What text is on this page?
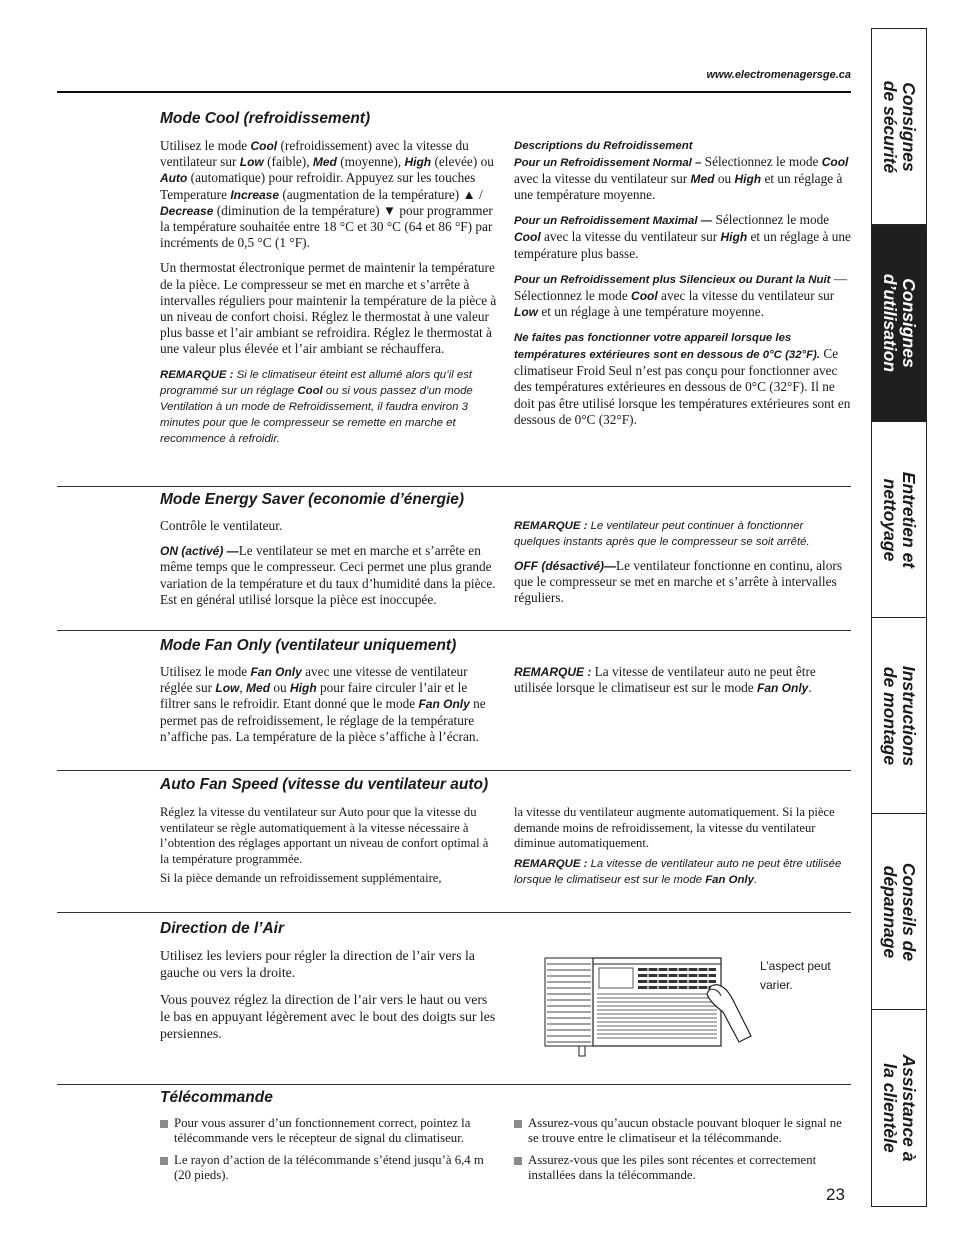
www.electromenagersge.ca
Mode Cool (refroidissement)

Utilisez le mode Cool (refroidissement) avec la vitesse du ventilateur sur Low (faible), Med (moyenne), High (elevée) ou Auto (automatique) pour refroidir. Appuyez sur les touches Temperature Increase (augmentation de la température) ▲ / Decrease (diminution de la température) ▼ pour programmer la température souhaitée entre 18 °C et 30 °C (64 et 86 °F) par incréments de 0,5 °C (1 °F).

Un thermostat électronique permet de maintenir la température de la pièce. Le compresseur se met en marche et s’arrête à intervalles réguliers pour maintenir la température de la pièce à un niveau de confort choisi. Réglez le thermostat à une valeur plus basse et l’air ambiant se refroidira. Réglez le thermostat à une valeur plus élevée et l’air ambiant se réchauffera.

REMARQUE : Si le climatiseur éteint est allumé alors qu’il est programmé sur un réglage Cool ou si vous passez d’un mode Ventilation à un mode de Refroidissement, il faudra environ 3 minutes pour que le compresseur se remette en marche et recommence à refroidir.

Descriptions du Refroidissement

Pour un Refroidissement Normal – Sélectionnez le mode Cool avec la vitesse du ventilateur sur Med ou High et un réglage à une température moyenne.

Pour un Refroidissement Maximal — Sélectionnez le mode Cool avec la vitesse du ventilateur sur High et un réglage à une température plus basse.

Pour un Refroidissement plus Silencieux ou Durant la Nuit — Sélectionnez le mode Cool avec la vitesse du ventilateur sur Low et un réglage à une température moyenne.

Ne faites pas fonctionner votre appareil lorsque les températures extérieures sont en dessous de 0°C (32°F). Ce climatiseur Froid Seul n’est pas conçu pour fonctionner avec des températures extérieures en dessous de 0°C (32°F). Il ne doit pas être utilisé lorsque les températures extérieures sont en dessous de 0°C (32°F).

Mode Energy Saver (economie d’énergie)

Contrôle le ventilateur.

ON (activé) —Le ventilateur se met en marche et s’arrête en même temps que le compresseur. Ceci permet une plus grande variation de la température et du taux d’humidité dans la pièce. Est en général utilisé lorsque la pièce est inoccupée.

REMARQUE : Le ventilateur peut continuer à fonctionner quelques instants après que le compresseur se soit arrêté.

OFF (désactivé)—Le ventilateur fonctionne en continu, alors que le compresseur se met en marche et s’arrête à intervalles réguliers.

Mode Fan Only (ventilateur uniquement)

Utilisez le mode Fan Only avec une vitesse de ventilateur réglée sur Low, Med ou High pour faire circuler l’air et le filtrer sans le refroidir. Etant donné que le mode Fan Only ne permet pas de refroidissement, le réglage de la température n’affiche pas. La température de la pièce s’affiche à l’écran.

REMARQUE : La vitesse de ventilateur auto ne peut être utilisée lorsque le climatiseur est sur le mode Fan Only.

Auto Fan Speed (vitesse du ventilateur auto)

Réglez la vitesse du ventilateur sur Auto pour que la vitesse du ventilateur se règle automatiquement à la vitesse nécessaire à l’obtention des réglages apportant un niveau de confort optimal à la température programmée.

Si la pièce demande un refroidissement supplémentaire,

la vitesse du ventilateur augmente automatiquement. Si la pièce demande moins de refroidissement, la vitesse du ventilateur diminue automatiquement.

REMARQUE : La vitesse de ventilateur auto ne peut être utilisée lorsque le climatiseur est sur le mode Fan Only.

Direction de l’Air

Utilisez les leviers pour régler la direction de l’air vers la gauche ou vers la droite.

Vous pouvez réglez la direction de l’air vers le haut ou vers le bas en appuyant légèrement avec le bout des doigts sur les persiennes.

L’aspect peut varier.
Télécommande

Pour vous assurer d’un fonctionnement correct, pointez la télécommande vers le récepteur de signal du climatiseur.

Le rayon d’action de la télécommande s’étend jusqu’à 6,4 m (20 pieds).

Assurez-vous qu’aucun obstacle pouvant bloquer le signal ne se trouve entre le climatiseur et la télécommande.

Assurez-vous que les piles sont récentes et correctement installées dans la télécommande.

23
Consignes
de sécurité
Consignes
d’utilisation
Entretien et
nettoyage
Instructions
de montage
Conseils de
dépannage
Assistance à
la clientèle
